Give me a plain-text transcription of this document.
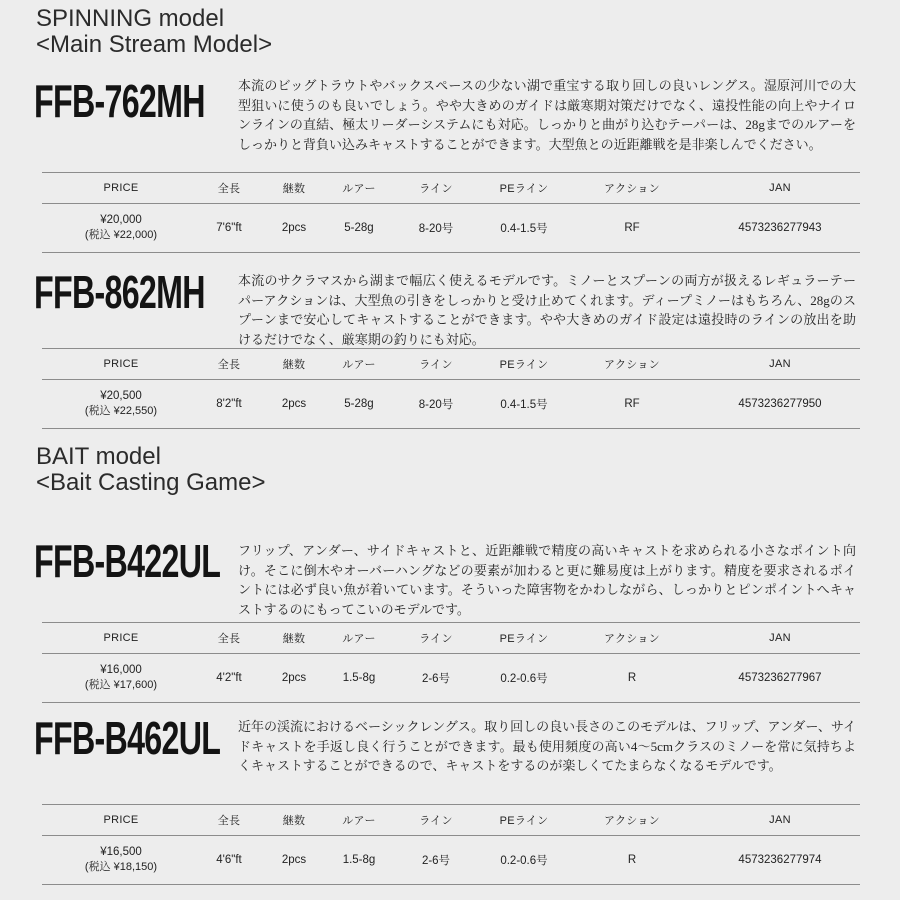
SPINNING model
<Main Stream Model>
FFB-762MH	本流のビッグトラウトやバックスペースの少ない湖で重宝する取り回しの良いレングス。湿原河川での大型狙いに使うのも良いでしょう。やや大きめのガイドは厳寒期対策だけでなく、遠投性能の向上やナイロンラインの直結、極太リーダーシステムにも対応。しっかりと曲がり込むテーパーは、28gまでのルアーをしっかりと背負い込みキャストすることができます。大型魚との近距離戦を是非楽しんでください。
PRICE	全長	継数	ルアー	ライン	PEライン	アクション	JAN

¥20,000
(税込 ¥22,000)	7'6"ft	2pcs	5-28g	8-20号	0.4-1.5号	RF	4573236277943
FFB-862MH	本流のサクラマスから湖まで幅広く使えるモデルです。ミノーとスプーンの両方が扱えるレギュラーテーパーアクションは、大型魚の引きをしっかりと受け止めてくれます。ディープミノーはもちろん、28gのスプーンまで安心してキャストすることができます。やや大きめのガイド設定は遠投時のラインの放出を助けるだけでなく、厳寒期の釣りにも対応。
PRICE	全長	継数	ルアー	ライン	PEライン	アクション	JAN

¥20,500
(税込 ¥22,550)	8'2"ft	2pcs	5-28g	8-20号	0.4-1.5号	RF	4573236277950
BAIT model
<Bait Casting Game>
FFB-B422UL フリップ、アンダー、サイドキャストと、近距離戦で精度の高いキャストを求められる小さなポイント向け。そこに倒木やオーバーハングなどの要素が加わると更に難易度は上がります。精度を要求されるポイントには必ず良い魚が着いています。そういった障害物をかわしながら、しっかりとピンポイントへキャストするのにもってこいのモデルです。
PRICE	全長	継数	ルアー	ライン	PEライン	アクション	JAN

¥16,000
(税込 ¥17,600)	4'2"ft	2pcs	1.5-8g	2-6号	0.2-0.6号	R	4573236277967
FFB-B462UL 近年の渓流におけるベーシックレングス。取り回しの良い長さのこのモデルは、フリップ、アンダー、サイドキャストを手返し良く行うことができます。最も使用頻度の高い4〜5cmクラスのミノーを常に気持ちよくキャストすることができるので、キャストをするのが楽しくてたまらなくなるモデルです。
PRICE	全長	継数	ルアー	ライン	PEライン	アクション	JAN

¥16,500
(税込 ¥18,150)	4'6"ft	2pcs	1.5-8g	2-6号	0.2-0.6号	R	4573236277974
